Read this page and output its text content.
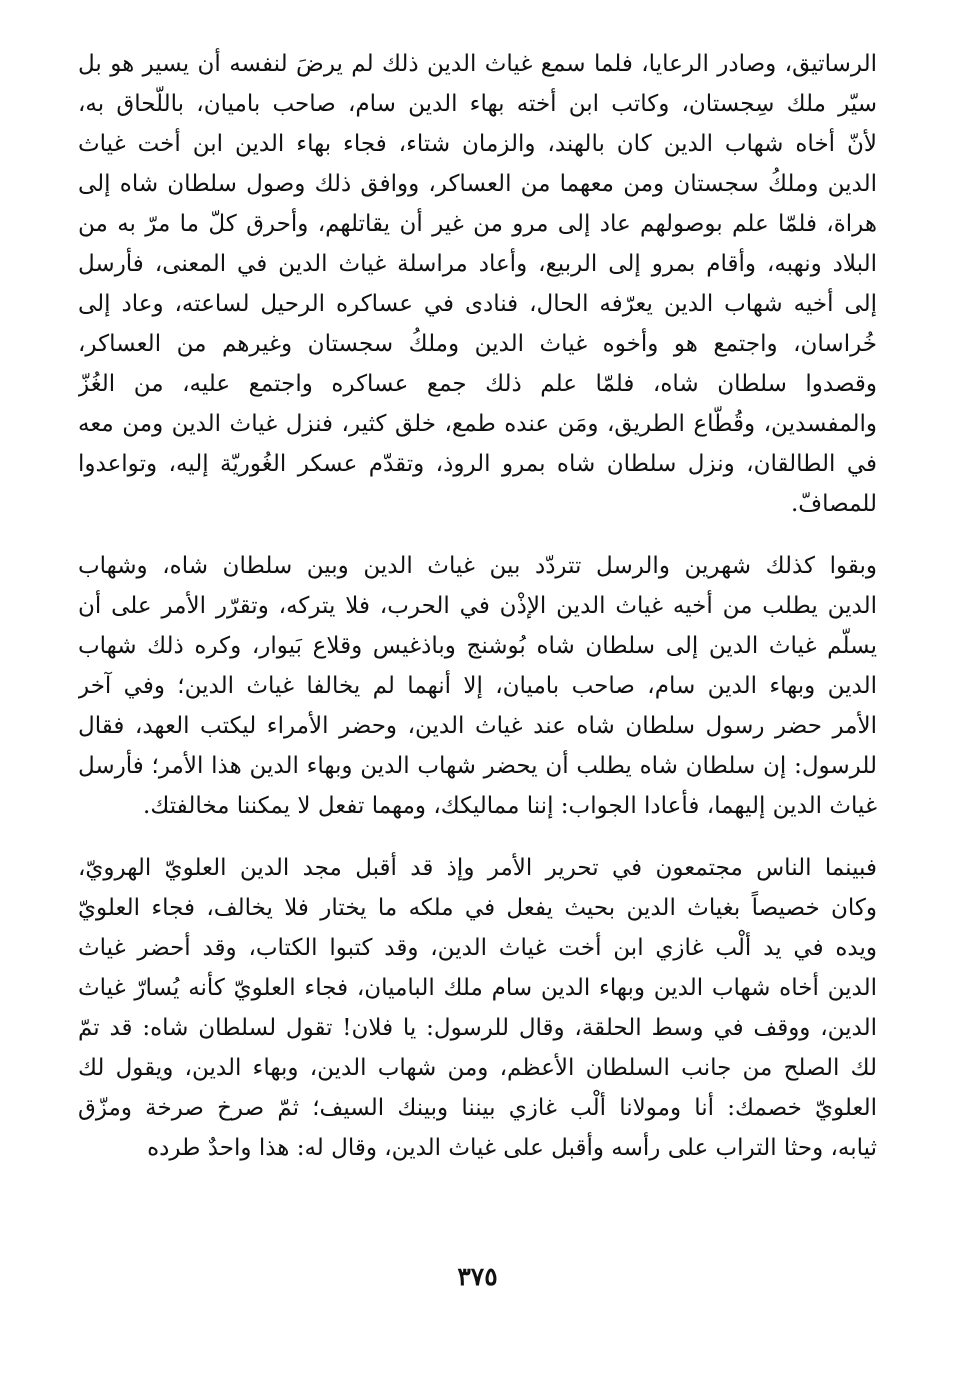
الرساتيق، وصادر الرعايا، فلما سمع غياث الدين ذلك لم يرضَ لنفسه أن يسير هو بل
سيّر ملك سِجستان، وكاتب ابن أخته بهاء الدين سام، صاحب باميان، باللّحاق به،
لأنّ أخاه شهاب الدين كان بالهند، والزمان شتاء، فجاء بهاء الدين ابن أخت غياث
الدين وملكُ سجستان ومن معهما من العساكر، ووافق ذلك وصول سلطان شاه إلى
هراة، فلمّا علم بوصولهم عاد إلى مرو من غير أن يقاتلهم، وأحرق كلّ ما مرّ به من
البلاد ونهبه، وأقام بمرو إلى الربيع، وأعاد مراسلة غياث الدين في المعنى، فأرسل
إلى أخيه شهاب الدين يعرّفه الحال، فنادى في عساكره الرحيل لساعته، وعاد إلى
خُراسان، واجتمع هو وأخوه غياث الدين وملكُ سجستان وغيرهم من العساكر،
وقصدوا سلطان شاه، فلمّا علم ذلك جمع عساكره واجتمع عليه، من الغُزّ
والمفسدين، وقُطّاع الطريق، ومَن عنده طمع، خلق كثير، فنزل غياث الدين ومن معه
في الطالقان، ونزل سلطان شاه بمرو الروذ، وتقدّم عسكر الغُوريّة إليه، وتواعدوا
للمصافّ.
وبقوا كذلك شهرين والرسل تتردّد بين غياث الدين وبين سلطان شاه، وشهاب
الدين يطلب من أخيه غياث الدين الإذْن في الحرب، فلا يتركه، وتقرّر الأمر على أن
يسلّم غياث الدين إلى سلطان شاه بُوشنج وباذغيس وقلاع بَيوار، وكره ذلك شهاب
الدين وبهاء الدين سام، صاحب باميان، إلا أنهما لم يخالفا غياث الدين؛ وفي آخر
الأمر حضر رسول سلطان شاه عند غياث الدين، وحضر الأمراء ليكتب العهد، فقال
للرسول: إن سلطان شاه يطلب أن يحضر شهاب الدين وبهاء الدين هذا الأمر؛ فأرسل
غياث الدين إليهما، فأعادا الجواب: إننا مماليكك، ومهما تفعل لا يمكننا مخالفتك.
فبينما الناس مجتمعون في تحرير الأمر وإذ قد أقبل مجد الدين العلويّ الهرويّ،
وكان خصيصاً بغياث الدين بحيث يفعل في ملكه ما يختار فلا يخالف، فجاء العلويّ
ويده في يد ألْب غازي ابن أخت غياث الدين، وقد كتبوا الكتاب، وقد أحضر غياث
الدين أخاه شهاب الدين وبهاء الدين سام ملك الباميان، فجاء العلويّ كأنه يُسارّ غياث
الدين، ووقف في وسط الحلقة، وقال للرسول: يا فلان! تقول لسلطان شاه: قد تمّ
لك الصلح من جانب السلطان الأعظم، ومن شهاب الدين، وبهاء الدين، ويقول لك
العلويّ خصمك: أنا ومولانا ألْب غازي بيننا وبينك السيف؛ ثمّ صرخ صرخة ومزّق
ثيابه، وحثا التراب على رأسه وأقبل على غياث الدين، وقال له: هذا واحدٌ طرده
٣٧٥
